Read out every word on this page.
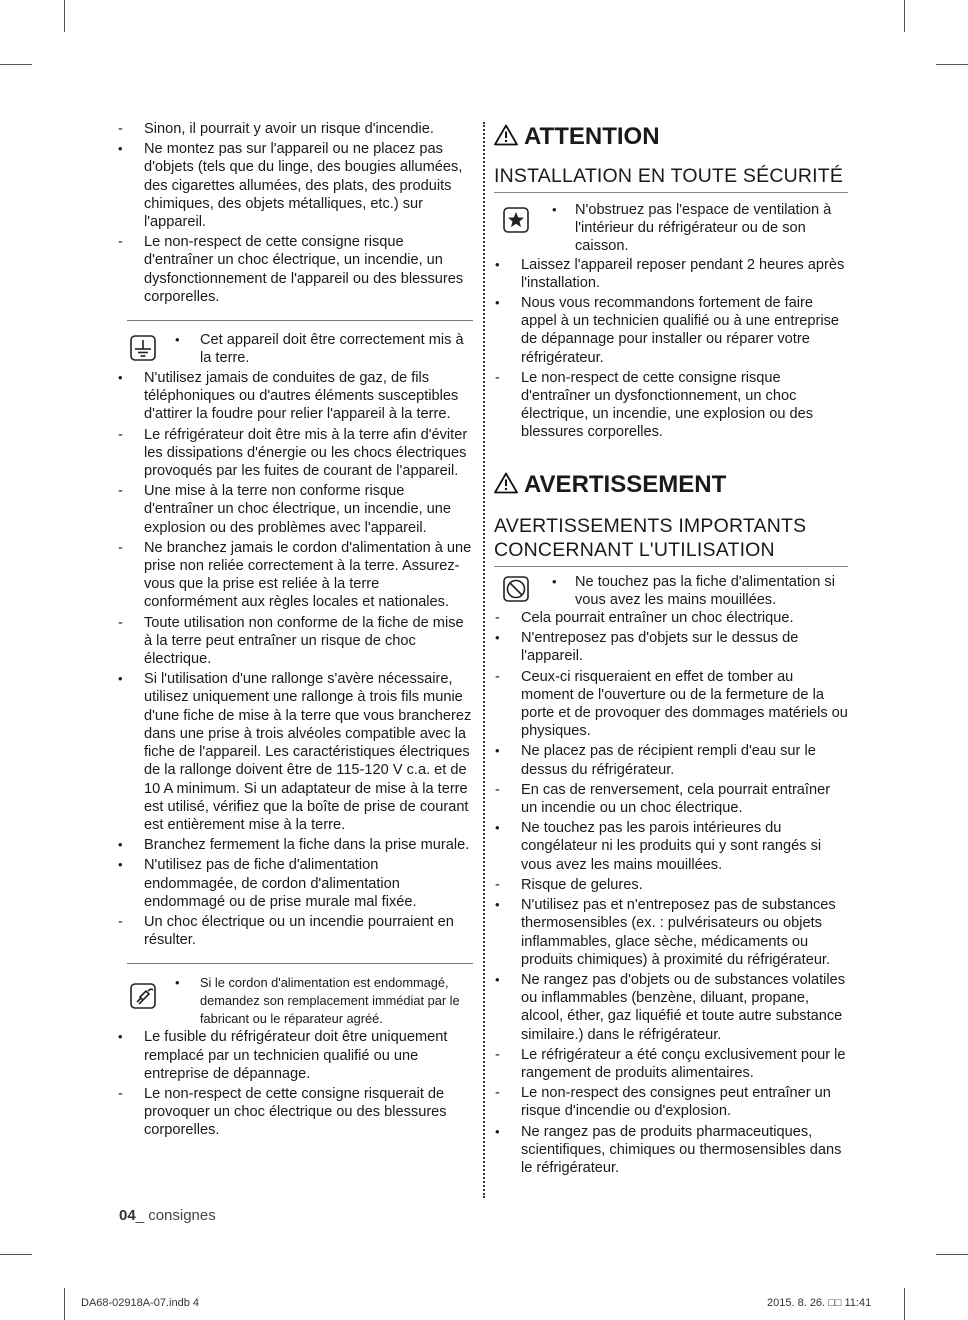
-	Sinon, il pourrait y avoir un risque d'incendie.
•	Ne montez pas sur l'appareil ou ne placez pas d'objets (tels que du linge, des bougies allumées, des cigarettes allumées, des plats, des produits chimiques, des objets métalliques, etc.) sur l'appareil.
-	Le non-respect de cette consigne risque d'entraîner un choc électrique, un incendie, un dysfonctionnement de l'appareil ou des blessures corporelles.
• Cet appareil doit être correctement mis à la terre.
•	N'utilisez jamais de conduites de gaz, de fils téléphoniques ou d'autres éléments susceptibles d'attirer la foudre pour relier l'appareil à la terre.
-	Le réfrigérateur doit être mis à la terre afin d'éviter les dissipations d'énergie ou les chocs électriques provoqués par les fuites de courant de l'appareil.
-	Une mise à la terre non conforme risque d'entraîner un choc électrique, un incendie, une explosion ou des problèmes avec l'appareil.
-	Ne branchez jamais le cordon d'alimentation à une prise non reliée correctement à la terre. Assurez-vous que la prise est reliée à la terre conformément aux règles locales et nationales.
-	Toute utilisation non conforme de la fiche de mise à la terre peut entraîner un risque de choc électrique.
•	Si l'utilisation d'une rallonge s'avère nécessaire, utilisez uniquement une rallonge à trois fils munie d'une fiche de mise à la terre que vous brancherez dans une prise à trois alvéoles compatible avec la fiche de l'appareil. Les caractéristiques électriques de la rallonge doivent être de 115-120 V c.a. et de 10 A minimum. Si un adaptateur de mise à la terre est utilisé, vérifiez que la boîte de prise de courant est entièrement mise à la terre.
•	Branchez fermement la fiche dans la prise murale.
•	N'utilisez pas de fiche d'alimentation endommagée, de cordon d'alimentation endommagé ou de prise murale mal fixée.
-	Un choc électrique ou un incendie pourraient en résulter.
• Si le cordon d'alimentation est endommagé, demandez son remplacement immédiat par le fabricant ou le réparateur agréé.
•	Le fusible du réfrigérateur doit être uniquement remplacé par un technicien qualifié ou une entreprise de dépannage.
-	Le non-respect de cette consigne risquerait de provoquer un choc électrique ou des blessures corporelles.
ATTENTION
INSTALLATION EN TOUTE SÉCURITÉ
• N'obstruez pas l'espace de ventilation à l'intérieur du réfrigérateur ou de son caisson.
•	Laissez l'appareil reposer pendant 2 heures après l'installation.
•	Nous vous recommandons fortement de faire appel à un technicien qualifié ou à une entreprise de dépannage pour installer ou réparer votre réfrigérateur.
-	Le non-respect de cette consigne risque d'entraîner un dysfonctionnement, un choc électrique, un incendie, une explosion ou des blessures corporelles.
AVERTISSEMENT
AVERTISSEMENTS IMPORTANTS
CONCERNANT L'UTILISATION
• Ne touchez pas la fiche d'alimentation si vous avez les mains mouillées.
-	Cela pourrait entraîner un choc électrique.
•	N'entreposez pas d'objets sur le dessus de l'appareil.
-	Ceux-ci risqueraient en effet de tomber au moment de l'ouverture ou de la fermeture de la porte et de provoquer des dommages matériels ou physiques.
•	Ne placez pas de récipient rempli d'eau sur le dessus du réfrigérateur.
-	En cas de renversement, cela pourrait entraîner un incendie ou un choc électrique.
•	Ne touchez pas les parois intérieures du congélateur ni les produits qui y sont rangés si vous avez les mains mouillées.
-	Risque de gelures.
•	N'utilisez pas et n'entreposez pas de substances thermosensibles (ex. : pulvérisateurs ou objets inflammables, glace sèche, médicaments ou produits chimiques) à proximité du réfrigérateur.
•	Ne rangez pas d'objets ou de substances volatiles ou inflammables (benzène, diluant, propane, alcool, éther, gaz liquéfié et toute autre substance similaire.) dans le réfrigérateur.
-	Le réfrigérateur a été conçu exclusivement pour le rangement de produits alimentaires.
-	Le non-respect des consignes peut entraîner un risque d'incendie ou d'explosion.
•	Ne rangez pas de produits pharmaceutiques, scientifiques, chimiques ou thermosensibles dans le réfrigérateur.
04_ consignes
DA68-02918A-07.indb 4	2015. 8. 26. □□ 11:41
